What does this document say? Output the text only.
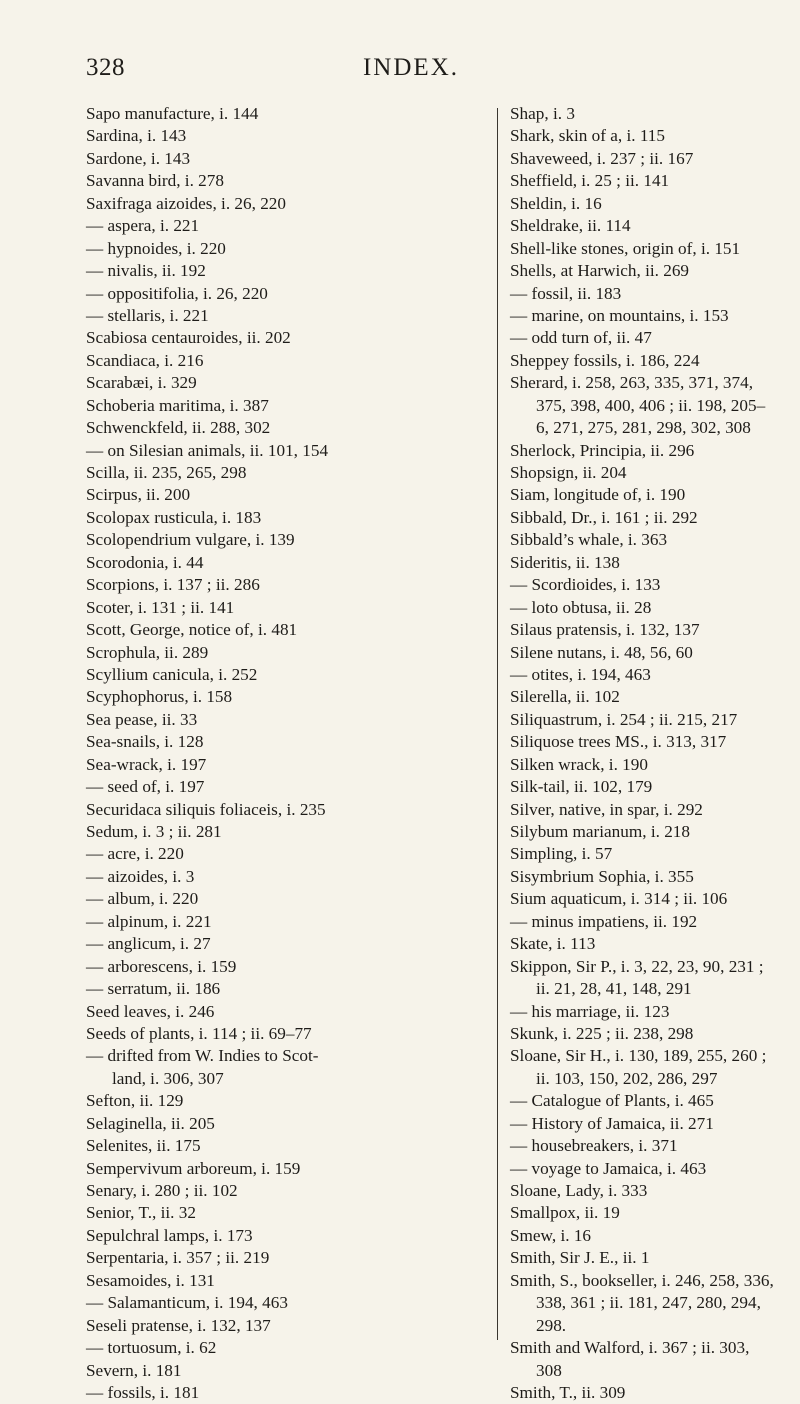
328	INDEX.
Sapo manufacture, i. 144
Sardina, i. 143
Sardone, i. 143
Savanna bird, i. 278
Saxifraga aizoides, i. 26, 220
— aspera, i. 221
— hypnoides, i. 220
— nivalis, ii. 192
— oppositifolia, i. 26, 220
— stellaris, i. 221
Scabiosa centauroides, ii. 202
Scandiaca, i. 216
Scarabæi, i. 329
Schoberia maritima, i. 387
Schwenckfeld, ii. 288, 302
— on Silesian animals, ii. 101, 154
Scilla, ii. 235, 265, 298
Scirpus, ii. 200
Scolopax rusticula, i. 183
Scolopendrium vulgare, i. 139
Scorodonia, i. 44
Scorpions, i. 137 ; ii. 286
Scoter, i. 131 ; ii. 141
Scott, George, notice of, i. 481
Scrophula, ii. 289
Scyllium canicula, i. 252
Scyphophorus, i. 158
Sea pease, ii. 33
Sea-snails, i. 128
Sea-wrack, i. 197
— seed of, i. 197
Securidaca siliquis foliaceis, i. 235
Sedum, i. 3 ; ii. 281
— acre, i. 220
— aizoides, i. 3
— album, i. 220
— alpinum, i. 221
— anglicum, i. 27
— arborescens, i. 159
— serratum, ii. 186
Seed leaves, i. 246
Seeds of plants, i. 114 ; ii. 69–77
— drifted from W. Indies to Scot-
land, i. 306, 307
Sefton, ii. 129
Selaginella, ii. 205
Selenites, ii. 175
Sempervivum arboreum, i. 159
Senary, i. 280 ; ii. 102
Senior, T., ii. 32
Sepulchral lamps, i. 173
Serpentaria, i. 357 ; ii. 219
Sesamoides, i. 131
— Salamanticum, i. 194, 463
Seseli pratense, i. 132, 137
— tortuosum, i. 62
Severn, i. 181
— fossils, i. 181
Shap, i. 3
Shark, skin of a, i. 115
Shaveweed, i. 237 ; ii. 167
Sheffield, i. 25 ; ii. 141
Sheldin, i. 16
Sheldrake, ii. 114
Shell-like stones, origin of, i. 151
Shells, at Harwich, ii. 269
— fossil, ii. 183
— marine, on mountains, i. 153
— odd turn of, ii. 47
Sheppey fossils, i. 186, 224
Sherard, i. 258, 263, 335, 371, 374,
375, 398, 400, 406 ; ii. 198, 205–
6, 271, 275, 281, 298, 302, 308
Sherlock, Principia, ii. 296
Shopsign, ii. 204
Siam, longitude of, i. 190
Sibbald, Dr., i. 161 ; ii. 292
Sibbald’s whale, i. 363
Sideritis, ii. 138
— Scordioides, i. 133
— loto obtusa, ii. 28
Silaus pratensis, i. 132, 137
Silene nutans, i. 48, 56, 60
— otites, i. 194, 463
Silerella, ii. 102
Siliquastrum, i. 254 ; ii. 215, 217
Siliquose trees MS., i. 313, 317
Silken wrack, i. 190
Silk-tail, ii. 102, 179
Silver, native, in spar, i. 292
Silybum marianum, i. 218
Simpling, i. 57
Sisymbrium Sophia, i. 355
Sium aquaticum, i. 314 ; ii. 106
— minus impatiens, ii. 192
Skate, i. 113
Skippon, Sir P., i. 3, 22, 23, 90, 231 ;
ii. 21, 28, 41, 148, 291
— his marriage, ii. 123
Skunk, i. 225 ; ii. 238, 298
Sloane, Sir H., i. 130, 189, 255, 260 ;
ii. 103, 150, 202, 286, 297
— Catalogue of Plants, i. 465
— History of Jamaica, ii. 271
— housebreakers, i. 371
— voyage to Jamaica, i. 463
Sloane, Lady, i. 333
Smallpox, ii. 19
Smew, i. 16
Smith, Sir J. E., ii. 1
Smith, S., bookseller, i. 246, 258, 336,
338, 361 ; ii. 181, 247, 280, 294,
298.
Smith and Walford, i. 367 ; ii. 303,
308
Smith, T., ii. 309
